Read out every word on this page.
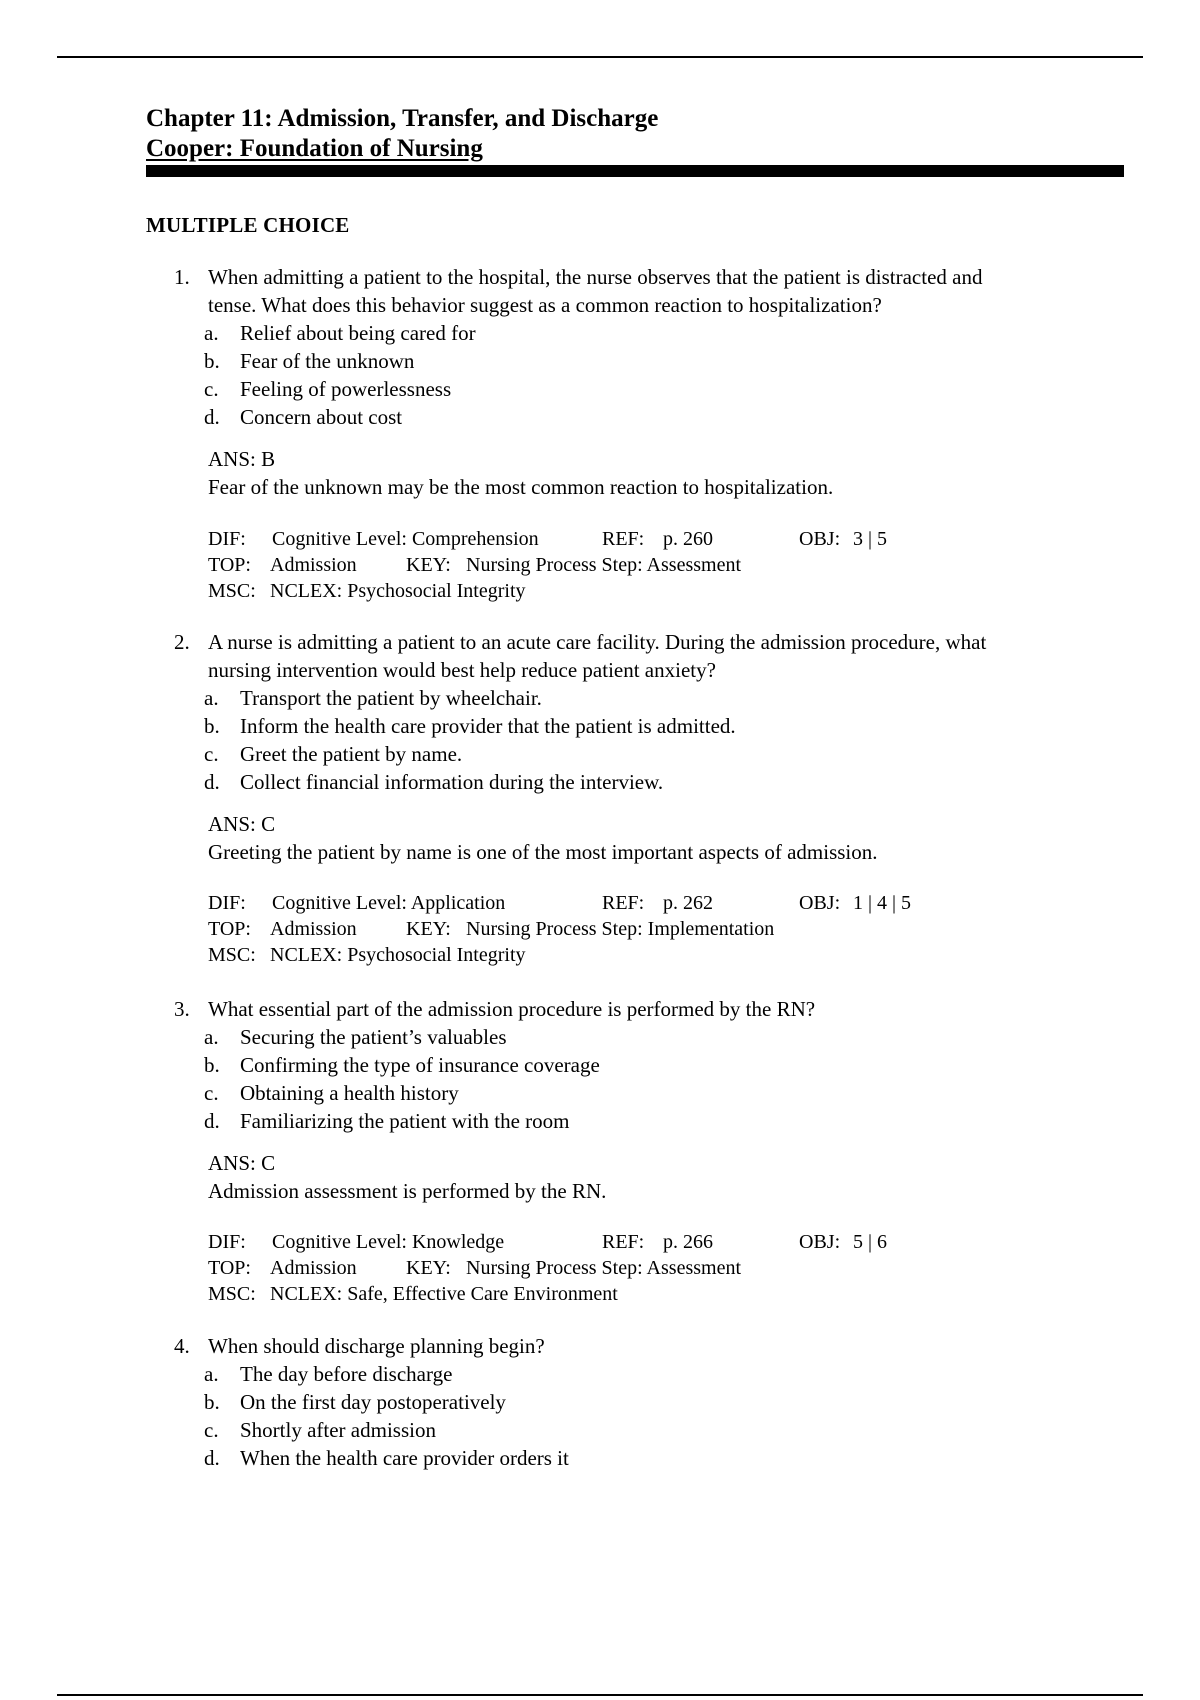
Chapter 11: Admission, Transfer, and Discharge

Cooper: Foundation of Nursing

MULTIPLE CHOICE
1. When admitting a patient to the hospital, the nurse observes that the patient is distracted and
tense. What does this behavior suggest as a common reaction to hospitalization?
a. Relief about being cared for
b. Fear of the unknown
c. Feeling of powerlessness
d. Concern about cost
ANS: B
Fear of the unknown may be the most common reaction to hospitalization.
DIF: Cognitive Level: Comprehension	REF: p. 260	OBJ: 3 | 5
TOP: Admission KEY: Nursing Process Step: Assessment
MSC: NCLEX: Psychosocial Integrity
2. A nurse is admitting a patient to an acute care facility. During the admission procedure, what
nursing intervention would best help reduce patient anxiety?
a. Transport the patient by wheelchair.
b. Inform the health care provider that the patient is admitted.
c. Greet the patient by name.
d. Collect financial information during the interview.
ANS: C
Greeting the patient by name is one of the most important aspects of admission.
DIF: Cognitive Level: Application	REF: p. 262	OBJ: 1 | 4 | 5
TOP: Admission KEY: Nursing Process Step: Implementation
MSC: NCLEX: Psychosocial Integrity
3. What essential part of the admission procedure is performed by the RN?
a. Securing the patient’s valuables
b. Confirming the type of insurance coverage
c. Obtaining a health history
d. Familiarizing the patient with the room
ANS: C
Admission assessment is performed by the RN.
DIF: Cognitive Level: Knowledge	REF: p. 266	OBJ: 5 | 6
TOP: Admission KEY: Nursing Process Step: Assessment
MSC: NCLEX: Safe, Effective Care Environment
4. When should discharge planning begin?
a. The day before discharge
b. On the first day postoperatively
c. Shortly after admission
d. When the health care provider orders it
